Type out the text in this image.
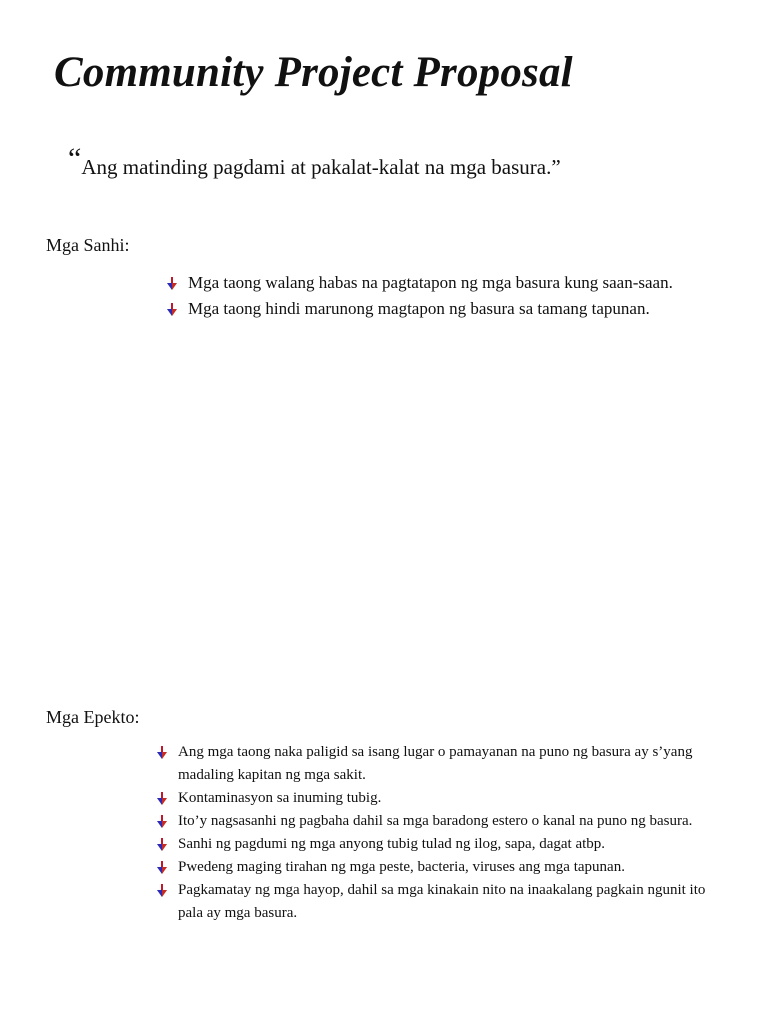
Community Project Proposal
“Ang matinding pagdami at pakalat-kalat na mga basura.”
Mga Sanhi:
Mga taong walang habas na pagtatapon ng mga basura kung saan-saan.
Mga taong hindi marunong magtapon ng basura sa tamang tapunan.
Mga Epekto:
Ang mga taong naka paligid sa isang lugar o pamayanan na puno ng basura ay s’yang madaling kapitan ng mga sakit.
Kontaminasyon sa inuming tubig.
Ito’y nagsasanhi ng pagbaha dahil sa mga baradong estero o kanal na puno ng basura.
Sanhi ng pagdumi ng mga anyong tubig tulad ng ilog, sapa, dagat atbp.
Pwedeng maging tirahan ng mga peste, bacteria, viruses ang mga tapunan.
Pagkamatay ng mga hayop, dahil sa mga kinakain nito na inaakalang pagkain ngunit ito pala ay mga basura.
